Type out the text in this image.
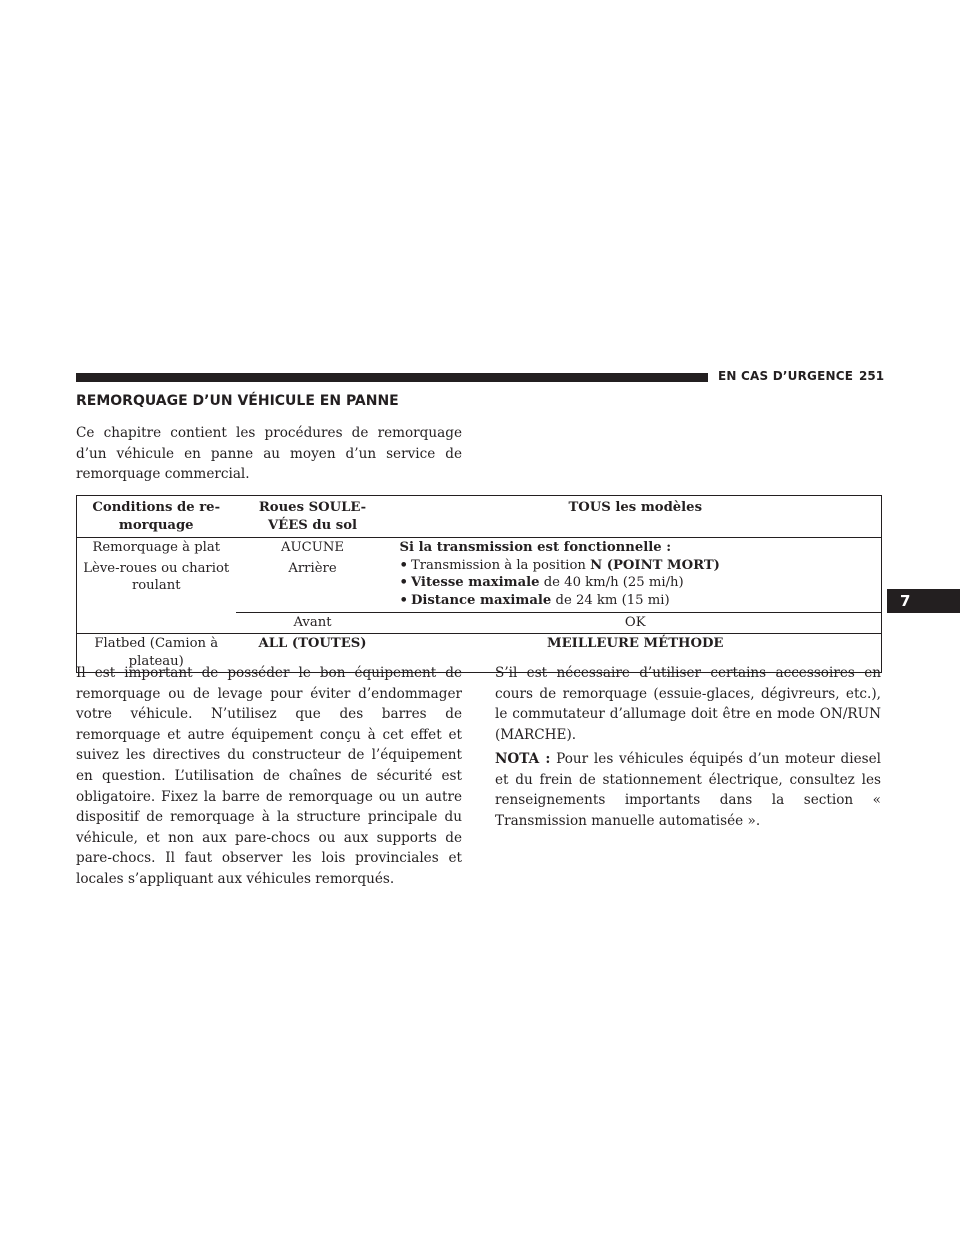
EN CAS D’URGENCE 251
7
REMORQUAGE D’UN VÉHICULE EN PANNE

Ce chapitre contient les procédures de remorquage d’un véhicule en panne au moyen d’un service de remorquage commercial.

Conditions de re-morquage	Roues SOULE-VÉES du sol	TOUS les modèles
Remorquage à plat	AUCUNE	Si la transmission est fonctionnelle :
• Transmission à la position N (POINT MORT)
• Vitesse maximale de 40 km/h (25 mi/h)
• Distance maximale de 24 km (15 mi)

Lève-roues ou chariot roulant	Arrière	
	Avant	OK
Flatbed (Camion à plateau)	ALL (TOUTES)	MEILLEURE MÉTHODE

Il est important de posséder le bon équipement de remorquage ou de levage pour éviter d’endommager votre véhicule. N’utilisez que des barres de remorquage et autre équipement conçu à cet effet et suivez les directives du constructeur de l’équipement en question. L’utilisation de chaînes de sécurité est obligatoire. Fixez la barre de remorquage ou un autre dispositif de remorquage à la structure principale du véhicule, et non aux pare-chocs ou aux supports de pare-chocs. Il faut observer les lois provinciales et locales s’appliquant aux véhicules remorqués.

S’il est nécessaire d’utiliser certains accessoires en cours de remorquage (essuie-glaces, dégivreurs, etc.), le commutateur d’allumage doit être en mode ON/RUN (MARCHE).

NOTA : Pour les véhicules équipés d’un moteur diesel et du frein de stationnement électrique, consultez les renseignements importants dans la section « Transmission manuelle automatisée ».
